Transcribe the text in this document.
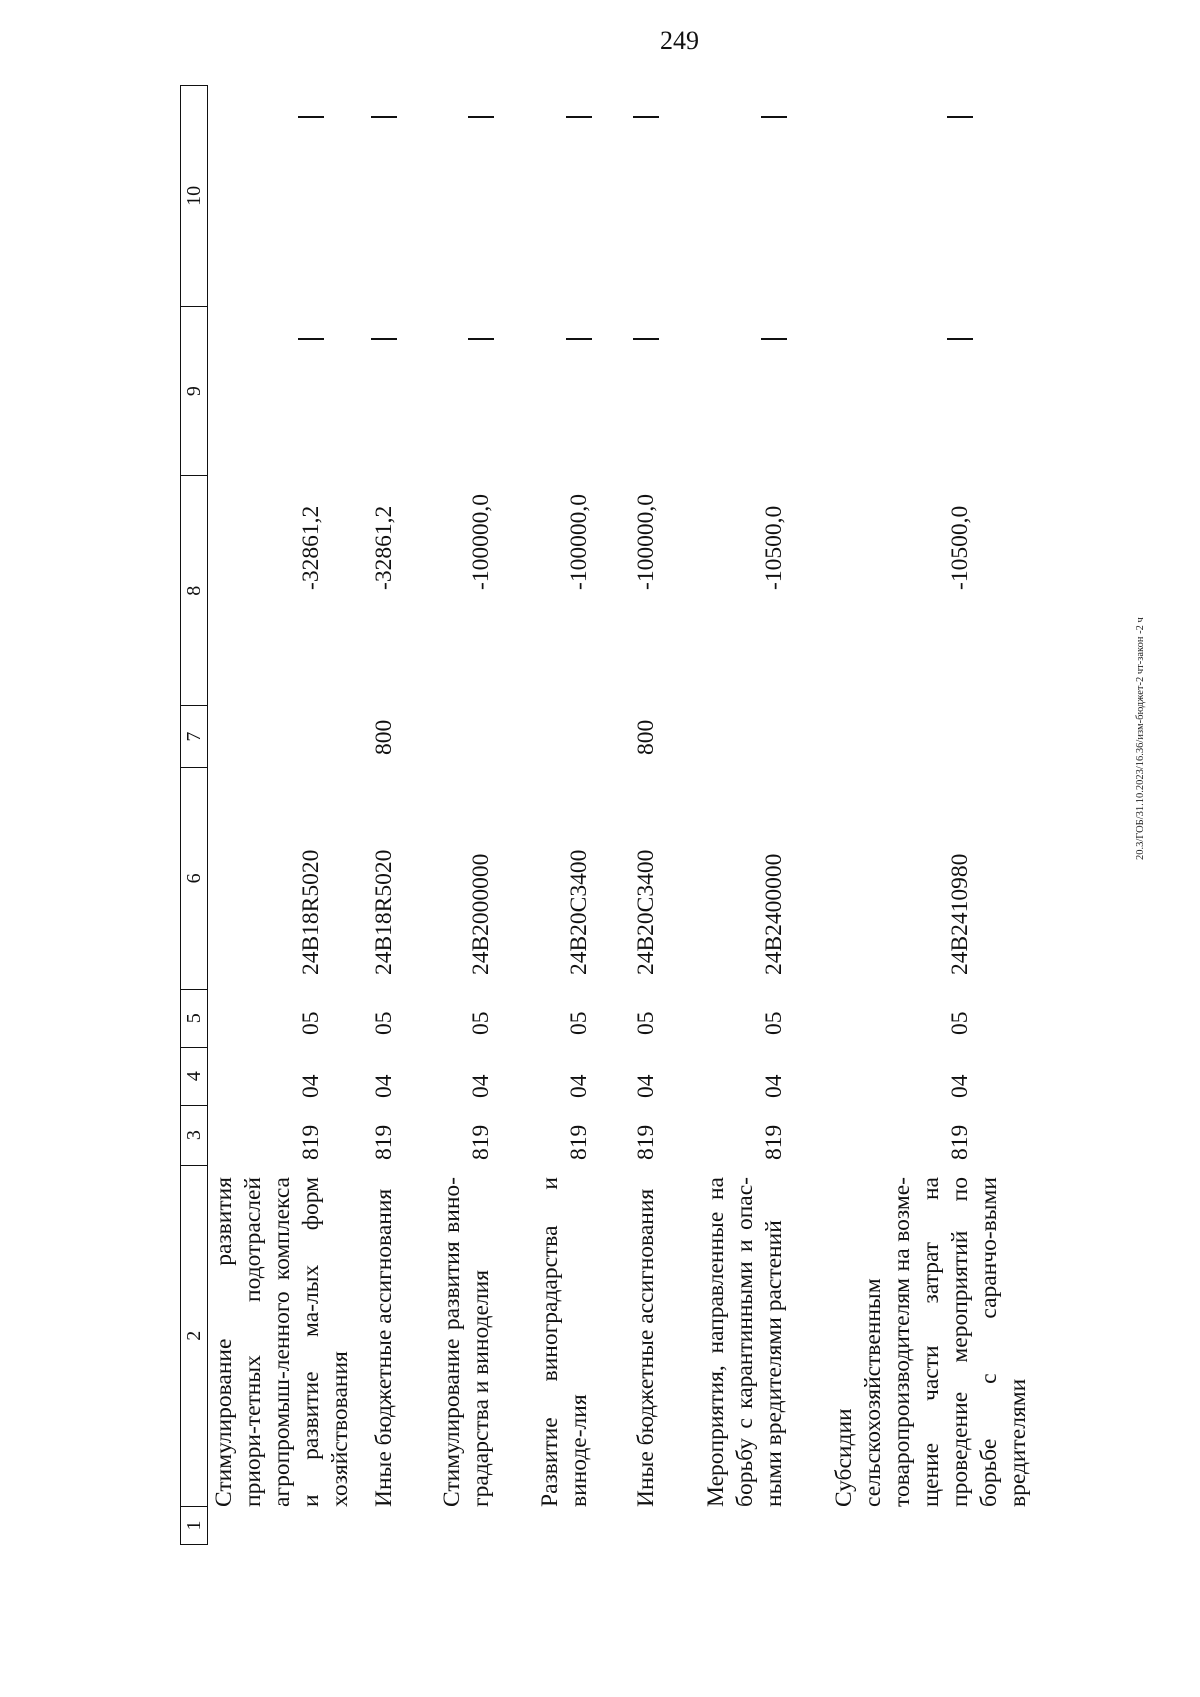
249
20.3/ГОБ/31.10.2023/16.36/изм-бюджет-2 чт-закон -2 ч
1
2
3
4
5
6
7
8
9
10
Стимулирование развития приори-тетных подотраслей агропромыш-ленного комплекса и развитие ма-лых форм хозяйствования
819
04
05
24В18R5020
-32861,2
Иные бюджетные ассигнования
819
04
05
24В18R5020
800
-32861,2
Стимулирование развития вино-градарства и виноделия
819
04
05
24В2000000
-100000,0
Развитие виноградарства и виноде-лия
819
04
05
24В20С3400
-100000,0
Иные бюджетные ассигнования
819
04
05
24В20С3400
800
-100000,0
Мероприятия, направленные на борьбу с карантинными и опас-ными вредителями растений
819
04
05
24В2400000
-10500,0
Субсидии сельскохозяйственным товаропроизводителям на возме-щение части затрат на проведение мероприятий по борьбе с саранчо-выми вредителями
819
04
05
24В2410980
-10500,0
